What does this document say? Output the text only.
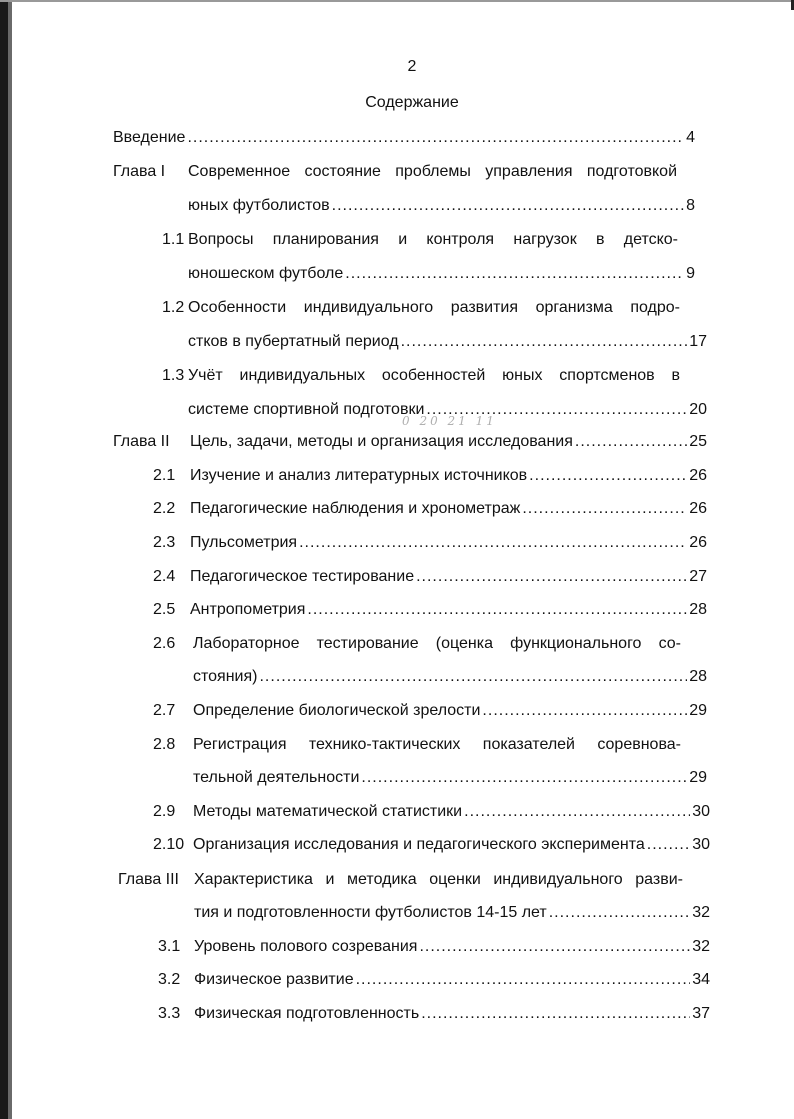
2
Содержание
Введение .....	4
Глава I Современное состояние проблемы управления подготовкой
юных футболистов .....	8
1.1 Вопросы планирования и контроля нагрузок в детско-
юношеском футболе .....	9
1.2 Особенности индивидуального развития организма подро-
стков в пубертатный период .....	17
1.3 Учёт индивидуальных особенностей юных спортсменов в
системе спортивной подготовки .....	20
0 20 21 11
Глава II Цель, задачи, методы и организация исследования .....	25
2.1 Изучение и анализ литературных источников .....	26
2.2 Педагогические наблюдения и хронометраж .....	26
2.3 Пульсометрия .....	26
2.4 Педагогическое тестирование .....	27
2.5 Антропометрия .....	28
2.6 Лабораторное тестирование (оценка функционального со-
стояния) .....	28
2.7 Определение биологической зрелости .....	29
2.8 Регистрация технико-тактических показателей соревнова-
тельной деятельности .....	29
2.9 Методы математической статистики .....	30
2.10 Организация исследования и педагогического эксперимента .....	30
Глава III Характеристика и методика оценки индивидуального разви-
тия и подготовленности футболистов 14-15 лет .....	32
3.1 Уровень полового созревания .....	32
3.2 Физическое развитие .....	34
3.3 Физическая подготовленность .....	37
